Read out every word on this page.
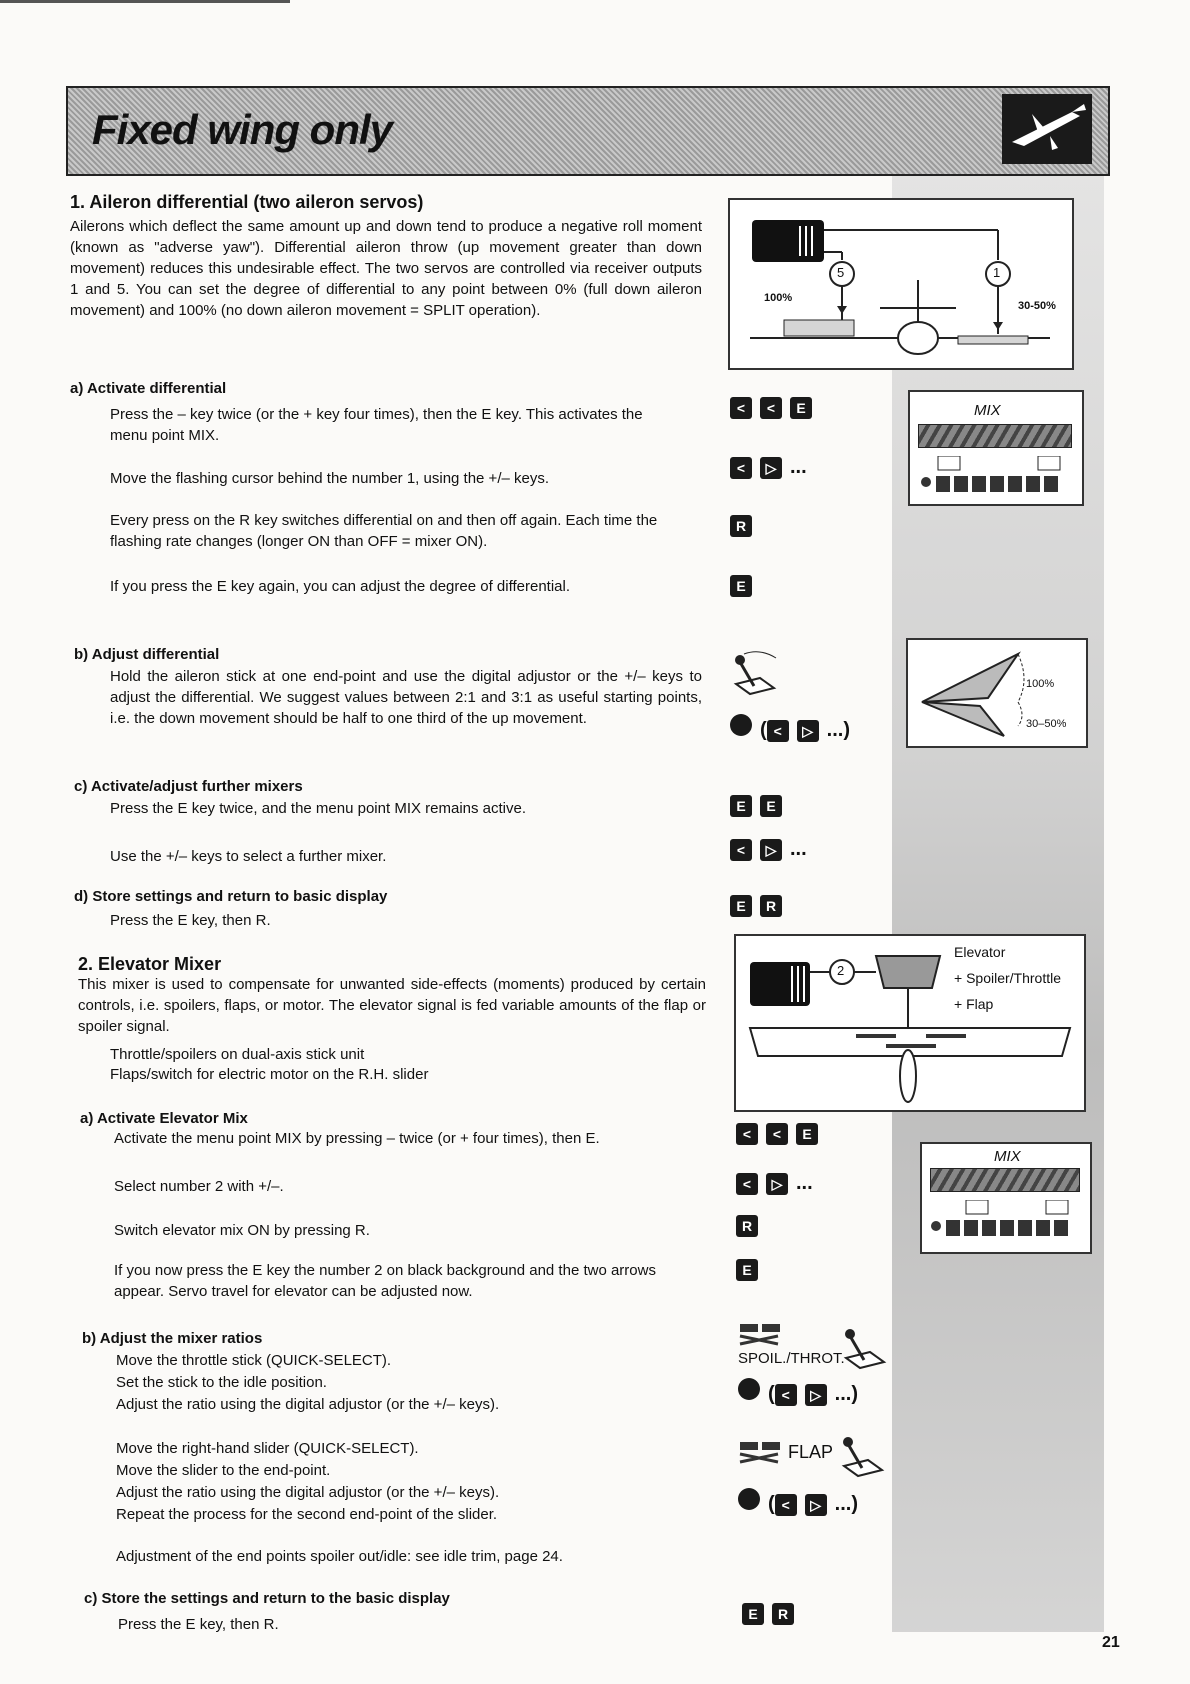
Fixed wing only
1. Aileron differential (two aileron servos)

Ailerons which deflect the same amount up and down tend to produce a negative roll moment (known as "adverse yaw"). Differential aileron throw (up movement greater than down movement) reduces this undesirable effect. The two servos are controlled via receiver outputs 1 and 5. You can set the degree of differential to any point between 0% (full down aileron movement) and 100% (no down aileron movement = SPLIT operation).

5	1
100%
30-50%
a) Activate differential

Press the – key twice (or the + key four times), then the E key. This activates the menu point MIX.

Move the flashing cursor behind the number 1, using the +/– keys.

Every press on the R key switches differential on and then off again. Each time the flashing rate changes (longer ON than OFF = mixer ON).

If you press the E key again, you can adjust the degree of differential.

< < E
< ▷ ...
R
E
MIX
b) Adjust differential

Hold the aileron stick at one end-point and use the digital adjustor or the +/– keys to adjust the differential. We suggest values between 2:1 and 3:1 as useful starting points, i.e. the down movement should be half to one third of the up movement.

( < ▷ ...)
100%
30–50%
c) Activate/adjust further mixers

Press the E key twice, and the menu point MIX remains active.

Use the +/– keys to select a further mixer.

E E
< ▷ ...
d) Store settings and return to basic display

Press the E key, then R.

E R
2. Elevator Mixer

This mixer is used to compensate for unwanted side-effects (moments) produced by certain controls, i.e. spoilers, flaps, or motor. The elevator signal is fed variable amounts of the flap or spoiler signal.

Throttle/spoilers on dual-axis stick unit

Flaps/switch for electric motor on the R.H. slider

2
Elevator
+ Spoiler/Throttle
+ Flap
a) Activate Elevator Mix

Activate the menu point MIX by pressing – twice (or + four times), then E.

Select number 2 with +/–.

Switch elevator mix ON by pressing R.

If you now press the E key the number 2 on black background and the two arrows appear. Servo travel for elevator can be adjusted now.

< < E
< ▷ ...
R
E
MIX
b) Adjust the mixer ratios

Move the throttle stick (QUICK-SELECT).

Set the stick to the idle position.

Adjust the ratio using the digital adjustor (or the +/– keys).

Move the right-hand slider (QUICK-SELECT).

Move the slider to the end-point.

Adjust the ratio using the digital adjustor (or the +/– keys).

Repeat the process for the second end-point of the slider.

Adjustment of the end points spoiler out/idle: see idle trim, page 24.

SPOIL./THROT.
( < ▷ ...)
FLAP
( < ▷ ...)
c) Store the settings and return to the basic display

Press the E key, then R.

E R
21
